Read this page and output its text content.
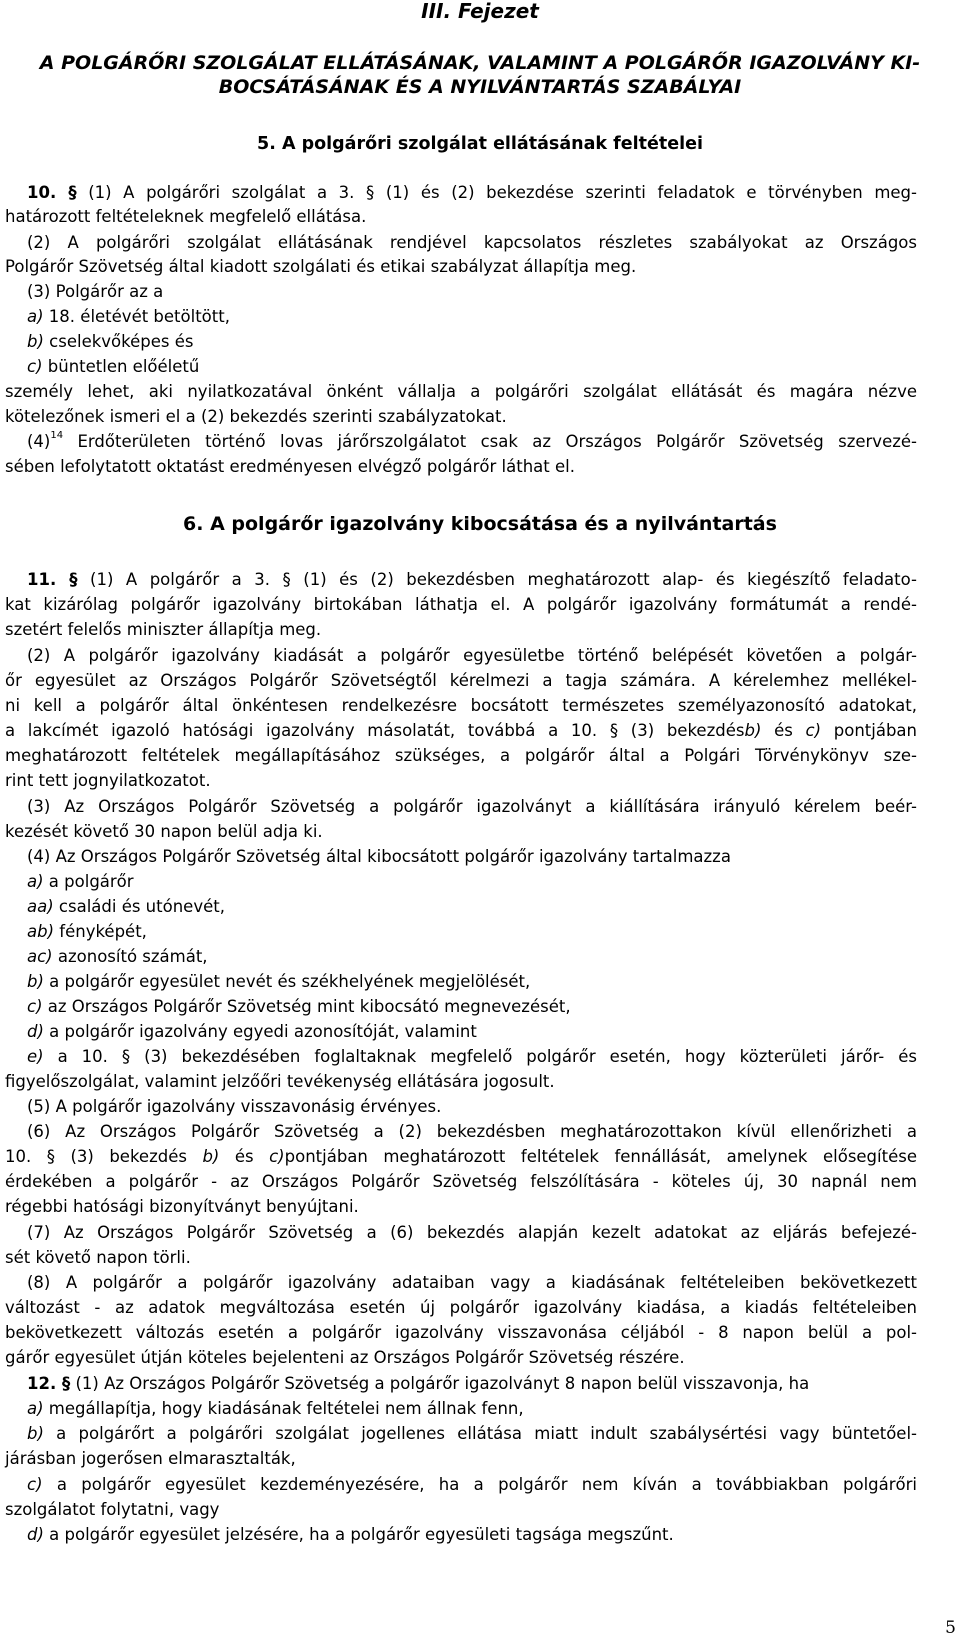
III. Fejezet
A POLGÁRŐRI SZOLGÁLAT ELLÁTÁSÁNAK, VALAMINT A POLGÁRŐR IGAZOLVÁNY KI-
BOCSÁTÁSÁNAK ÉS A NYILVÁNTARTÁS SZABÁLYAI
5. A polgárőri szolgálat ellátásának feltételei
10. § (1) A polgárőri szolgálat a 3. § (1) és (2) bekezdése szerinti feladatok e törvényben meg-
határozott feltételeknek megfelelő ellátása.
(2) A polgárőri szolgálat ellátásának rendjével kapcsolatos részletes szabályokat az Országos
Polgárőr Szövetség által kiadott szolgálati és etikai szabályzat állapítja meg.
(3) Polgárőr az a
a) 18. életévét betöltött,
b) cselekvőképes és
c) büntetlen előéletű
személy lehet, aki nyilatkozatával önként vállalja a polgárőri szolgálat ellátását és magára nézve
kötelezőnek ismeri el a (2) bekezdés szerinti szabályzatokat.
$(4)^{14}$ Erdőterületen történő lovas járőrszolgálatot csak az Országos Polgárőr Szövetség szervezé-
sében lefolytatott oktatást eredményesen elvégző polgárőr láthat el.
6. A polgárőr igazolvány kibocsátása és a nyilvántartás
11. § (1) A polgárőr a 3. § (1) és (2) bekezdésben meghatározott alap- és kiegészítő feladato-
kat kizárólag polgárőr igazolvány birtokában láthatja el. A polgárőr igazolvány formátumát a rendé-
szetért felelős miniszter állapítja meg.
(2) A polgárőr igazolvány kiadását a polgárőr egyesületbe történő belépését követően a polgár-
őr egyesület az Országos Polgárőr Szövetségtől kérelmezi a tagja számára. A kérelemhez mellékel-
ni kell a polgárőr által önkéntesen rendelkezésre bocsátott természetes személyazonosító adatokat,
a lakcímét igazoló hatósági igazolvány másolatát, továbbá a 10. § (3) bekezdésb) és c) pontjában
meghatározott feltételek megállapításához szükséges, a polgárőr által a Polgári Törvénykönyv sze-
rint tett jognyilatkozatot.
(3) Az Országos Polgárőr Szövetség a polgárőr igazolványt a kiállítására irányuló kérelem beér-
kezését követő 30 napon belül adja ki.
(4) Az Országos Polgárőr Szövetség által kibocsátott polgárőr igazolvány tartalmazza
a) a polgárőr
aa) családi és utónevét,
ab) fényképét,
ac) azonosító számát,
b) a polgárőr egyesület nevét és székhelyének megjelölését,
c) az Országos Polgárőr Szövetség mint kibocsátó megnevezését,
d) a polgárőr igazolvány egyedi azonosítóját, valamint
e) a 10. § (3) bekezdésében foglaltaknak megfelelő polgárőr esetén, hogy közterületi járőr- és
figyelőszolgálat, valamint jelzőőri tevékenység ellátására jogosult.
(5) A polgárőr igazolvány visszavonásig érvényes.
(6) Az Országos Polgárőr Szövetség a (2) bekezdésben meghatározottakon kívül ellenőrizheti a
10. § (3) bekezdés b) és c)pontjában meghatározott feltételek fennállását, amelynek elősegítése
érdekében a polgárőr - az Országos Polgárőr Szövetség felszólítására - köteles új, 30 napnál nem
régebbi hatósági bizonyítványt benyújtani.
(7) Az Országos Polgárőr Szövetség a (6) bekezdés alapján kezelt adatokat az eljárás befejezé-
sét követő napon törli.
(8) A polgárőr a polgárőr igazolvány adataiban vagy a kiadásának feltételeiben bekövetkezett
változást - az adatok megváltozása esetén új polgárőr igazolvány kiadása, a kiadás feltételeiben
bekövetkezett változás esetén a polgárőr igazolvány visszavonása céljából - 8 napon belül a pol-
gárőr egyesület útján köteles bejelenteni az Országos Polgárőr Szövetség részére.
12. § (1) Az Országos Polgárőr Szövetség a polgárőr igazolványt 8 napon belül visszavonja, ha
a) megállapítja, hogy kiadásának feltételei nem állnak fenn,
b) a polgárőrt a polgárőri szolgálat jogellenes ellátása miatt indult szabálysértési vagy büntetőel-
járásban jogerősen elmarasztalták,
c) a polgárőr egyesület kezdeményezésére, ha a polgárőr nem kíván a továbbiakban polgárőri
szolgálatot folytatni, vagy
d) a polgárőr egyesület jelzésére, ha a polgárőr egyesületi tagsága megszűnt.
5
